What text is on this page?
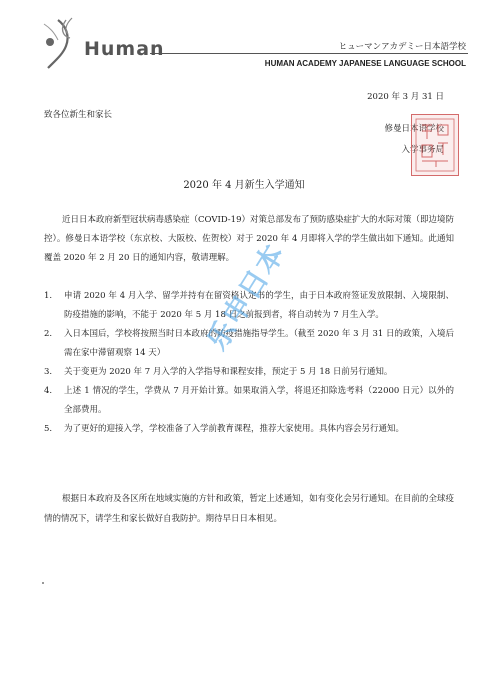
Human	ヒューマンアカデミー日本語学校
HUMAN ACADEMY JAPANESE LANGUAGE SCHOOL
2020 年 3 月 31 日
致各位新生和家长
修曼日本语学校
入学事务局
2020 年 4 月新生入学通知

近日日本政府新型冠状病毒感染症（COVID-19）对策总部发布了预防感染症扩大的水际对策（即边境防控）。修曼日本语学校（东京校、大阪校、佐贺校）对于 2020 年 4 月即将入学的学生做出如下通知。此通知覆盖 2020 年 2 月 20 日的通知内容，敬请理解。

1. 申请 2020 年 4 月入学、留学并持有在留资格认定书的学生，由于日本政府签证发放限制、入境限制、防疫措施的影响，不能于 2020 年 5 月 18 日之前报到者，将自动转为 7 月生入学。
2. 入日本国后，学校将按照当时日本政府的防疫措施指导学生。（截至 2020 年 3 月 31 日的政策，入境后需在家中滞留观察 14 天）
3. 关于变更为 2020 年 7 月入学的入学指导和课程安排，预定于 5 月 18 日前另行通知。
4. 上述 1 情况的学生，学费从 7 月开始计算。如果取消入学，将退还扣除选考料（22000 日元）以外的全部费用。
5. 为了更好的迎接入学，学校准备了入学前教育课程，推荐大家使用。具体内容会另行通知。

根据日本政府及各区所在地域实施的方针和政策，暂定上述通知，如有变化会另行通知。在目前的全球疫情的情况下，请学生和家长做好自我防护。期待早日日本相见。

乐申日本
